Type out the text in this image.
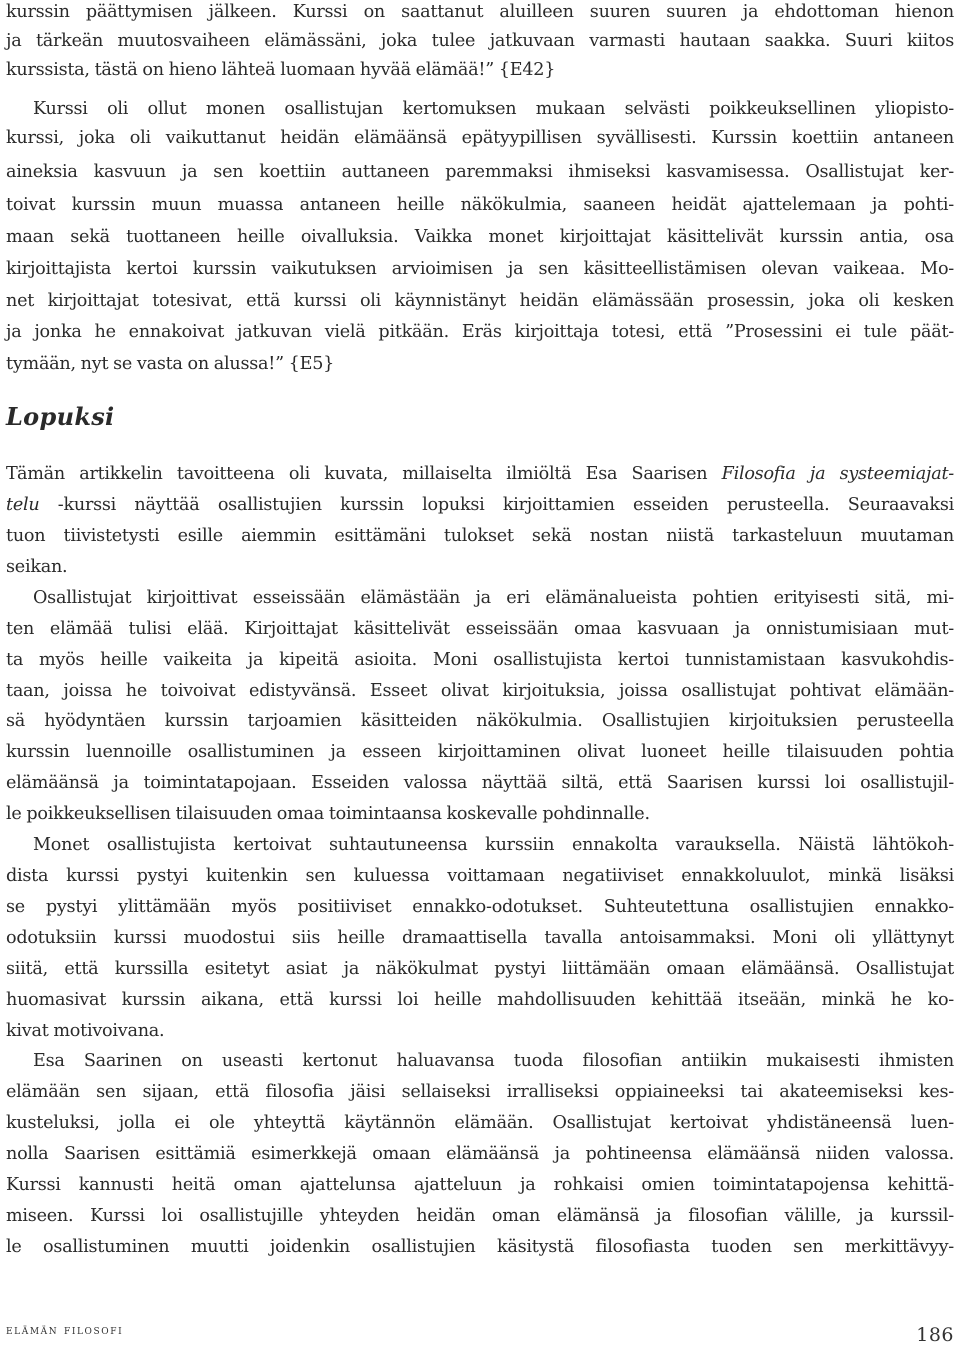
kurssin päättymisen jälkeen. Kurssi on saattanut aluilleen suuren suuren ja ehdottoman hienon
ja tärkeän muutosvaiheen elämässäni, joka tulee jatkuvaan varmasti hautaan saakka. Suuri kiitos
kurssista, tästä on hieno lähteä luomaan hyvää elämää!” {E42}
Kurssi oli ollut monen osallistujan kertomuksen mukaan selvästi poikkeuksellinen yliopisto-
kurssi, joka oli vaikuttanut heidän elämäänsä epätyypillisen syvällisesti. Kurssin koettiin antaneen
aineksia kasvuun ja sen koettiin auttaneen paremmaksi ihmiseksi kasvamisessa. Osallistujat ker-
toivat kurssin muun muassa antaneen heille näkökulmia, saaneen heidät ajattelemaan ja pohti-
maan sekä tuottaneen heille oivalluksia. Vaikka monet kirjoittajat käsittelivät kurssin antia, osa
kirjoittajista kertoi kurssin vaikutuksen arvioimisen ja sen käsitteellistämisen olevan vaikeaa. Mo-
net kirjoittajat totesivat, että kurssi oli käynnistänyt heidän elämässään prosessin, joka oli kesken
ja jonka he ennakoivat jatkuvan vielä pitkään. Eräs kirjoittaja totesi, että ”Prosessini ei tule päät-
tymään, nyt se vasta on alussa!” {E5}
Lopuksi
Tämän artikkelin tavoitteena oli kuvata, millaiselta ilmiöltä Esa Saarisen Filosofia ja systeemiajat-
telu -kurssi näyttää osallistujien kurssin lopuksi kirjoittamien esseiden perusteella. Seuraavaksi
tuon tiivistetysti esille aiemmin esittämäni tulokset sekä nostan niistä tarkasteluun muutaman
seikan.
Osallistujat kirjoittivat esseissään elämästään ja eri elämänalueista pohtien erityisesti sitä, mi-
ten elämää tulisi elää. Kirjoittajat käsittelivät esseissään omaa kasvuaan ja onnistumisiaan mut-
ta myös heille vaikeita ja kipeitä asioita. Moni osallistujista kertoi tunnistamistaan kasvukohdis-
taan, joissa he toivoivat edistyvänsä. Esseet olivat kirjoituksia, joissa osallistujat pohtivat elämään-
sä hyödyntäen kurssin tarjoamien käsitteiden näkökulmia. Osallistujien kirjoituksien perusteella
kurssin luennoille osallistuminen ja esseen kirjoittaminen olivat luoneet heille tilaisuuden pohtia
elämäänsä ja toimintatapojaan. Esseiden valossa näyttää siltä, että Saarisen kurssi loi osallistujil-
le poikkeuksellisen tilaisuuden omaa toimintaansa koskevalle pohdinnalle.
Monet osallistujista kertoivat suhtautuneensa kurssiin ennakolta varauksella. Näistä lähtökoh-
dista kurssi pystyi kuitenkin sen kuluessa voittamaan negatiiviset ennakkoluulot, minkä lisäksi
se pystyi ylittämään myös positiiviset ennakko-odotukset. Suhteutettuna osallistujien ennakko-
odotuksiin kurssi muodostui siis heille dramaattisella tavalla antoisammaksi. Moni oli yllättynyt
siitä, että kurssilla esitetyt asiat ja näkökulmat pystyi liittämään omaan elämäänsä. Osallistujat
huomasivat kurssin aikana, että kurssi loi heille mahdollisuuden kehittää itseään, minkä he ko-
kivat motivoivana.
Esa Saarinen on useasti kertonut haluavansa tuoda filosofian antiikin mukaisesti ihmisten
elämään sen sijaan, että filosofia jäisi sellaiseksi irralliseksi oppiaineeksi tai akateemiseksi kes-
kusteluksi, jolla ei ole yhteyttä käytännön elämään. Osallistujat kertoivat yhdistäneensä luen-
nolla Saarisen esittämiä esimerkkejä omaan elämäänsä ja pohtineensa elämäänsä niiden valossa.
Kurssi kannusti heitä oman ajattelunsa ajatteluun ja rohkaisi omien toimintatapojensa kehittä-
miseen. Kurssi loi osallistujille yhteyden heidän oman elämänsä ja filosofian välille, ja kurssil-
le osallistuminen muutti joidenkin osallistujien käsitystä filosofiasta tuoden sen merkittävyy-
elämän filosofi	186
